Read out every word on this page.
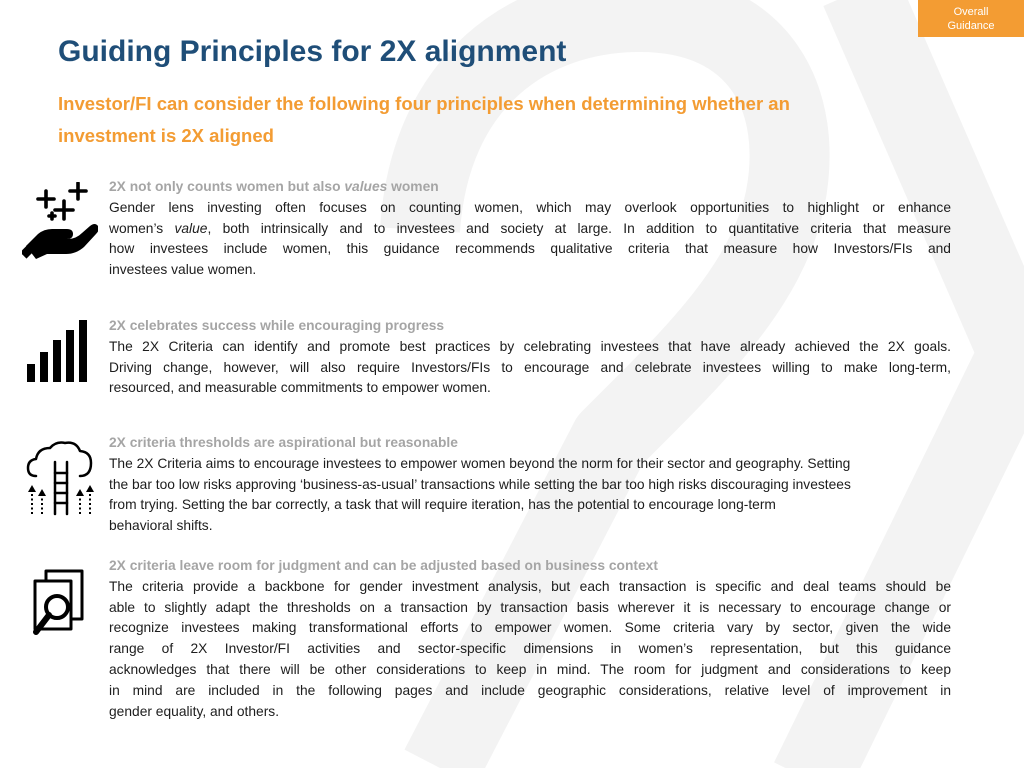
Overall
Guidance
Guiding Principles for 2X alignment
Investor/FI can consider the following four principles when determining whether an
investment is 2X aligned
2X not only counts women but also values women
Gender lens investing often focuses on counting women, which may overlook opportunities to highlight or enhance
women’s value, both intrinsically and to investees and society at large. In addition to quantitative criteria that measure
how investees include women, this guidance recommends qualitative criteria that measure how Investors/FIs and
investees value women.
2X celebrates success while encouraging progress
The 2X Criteria can identify and promote best practices by celebrating investees that have already achieved the 2X goals.
Driving change, however, will also require Investors/FIs to encourage and celebrate investees willing to make long-term,
resourced, and measurable commitments to empower women.
2X criteria thresholds are aspirational but reasonable
The 2X Criteria aims to encourage investees to empower women beyond the norm for their sector and geography. Setting
the bar too low risks approving ‘business-as-usual’ transactions while setting the bar too high risks discouraging investees
from trying. Setting the bar correctly, a task that will require iteration, has the potential to encourage long-term
behavioral shifts.
2X criteria leave room for judgment and can be adjusted based on business context
The criteria provide a backbone for gender investment analysis, but each transaction is specific and deal teams should be
able to slightly adapt the thresholds on a transaction by transaction basis wherever it is necessary to encourage change or
recognize investees making transformational efforts to empower women. Some criteria vary by sector, given the wide
range of 2X Investor/FI activities and sector-specific dimensions in women’s representation, but this guidance
acknowledges that there will be other considerations to keep in mind. The room for judgment and considerations to keep
in mind are included in the following pages and include geographic considerations, relative level of improvement in
gender equality, and others.
